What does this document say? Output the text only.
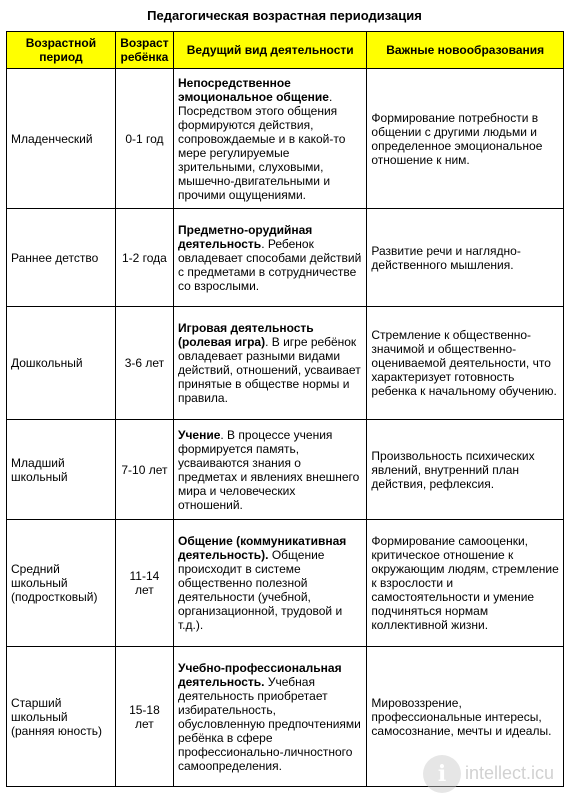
Педагогическая возрастная периодизация
Возрастной период	Возраст ребёнка	Ведущий вид деятельности	Важные новообразования
Младенческий	0-1 год	Непосредственное эмоциональное общение. Посредством этого общения формируются действия, сопровождаемые и в какой-то мере регулируемые зрительными, слуховыми, мышечно-двигательными и прочими ощущениями.	Формирование потребности в общении с другими людьми и определенное эмоциональное отношение к ним.
Раннее детство	1-2 года	Предметно-орудийная деятельность. Ребенок овладевает способами действий с предметами в сотрудничестве со взрослыми.	Развитие речи и наглядно-действенного мышления.
Дошкольный	3-6 лет	Игровая деятельность (ролевая игра). В игре ребёнок овладевает разными видами действий, отношений, усваивает принятые в обществе нормы и правила.	Стремление к общественно-значимой и общественно-оцениваемой деятельности, что характеризует готовность ребенка к начальному обучению.
Младший школьный	7-10 лет	Учение. В процессе учения формируется память, усваиваются знания о предметах и явлениях внешнего мира и человеческих отношений.	Произвольность психических явлений, внутренний план действия, рефлексия.
Средний школьный (подростковый)	11-14 лет	Общение (коммуникативная деятельность). Общение происходит в системе общественно полезной деятельности (учебной, организационной, трудовой и т.д.).	Формирование самооценки, критическое отношение к окружающим людям, стремление к взрослости и самостоятельности и умение подчиняться нормам коллективной жизни.
Старший школьный (ранняя юность)	15-18 лет	Учебно-профессиональная деятельность. Учебная деятельность приобретает избирательность, обусловленную предпочтениями ребёнка в сфере профессионально-личностного самоопределения.	Мировоззрение, профессиональные интересы, самосознание, мечты и идеалы.
i	intellect.icu
